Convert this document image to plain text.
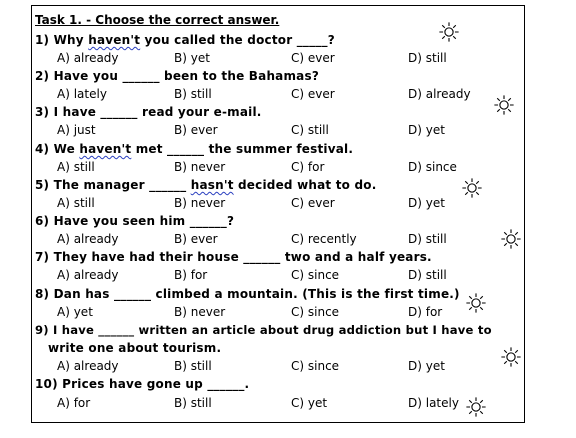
Task 1. - Choose the correct answer.
1) Why haven't you called the doctor _____?
A) already	B) yet	C) ever	D) still
2) Have you ______ been to the Bahamas?
A) lately	B) still	C) ever	D) already
3) I have ______ read your e-mail.
A) just	B) ever	C) still	D) yet
4) We haven't met ______ the summer festival.
A) still	B) never	C) for	D) since
5) The manager ______ hasn't decided what to do.
A) still	B) never	C) ever	D) yet
6) Have you seen him ______?
A) already	B) ever	C) recently	D) still
7) They have had their house ______ two and a half years.
A) already	B) for	C) since	D) still
8) Dan has ______ climbed a mountain. (This is the first time.)
A) yet	B) never	C) since	D) for
9) I have ______ written an article about drug addiction but I have to
write one about tourism.
A) already	B) still	C) since	D) yet
10) Prices have gone up ______.
A) for	B) still	C) yet	D) lately
